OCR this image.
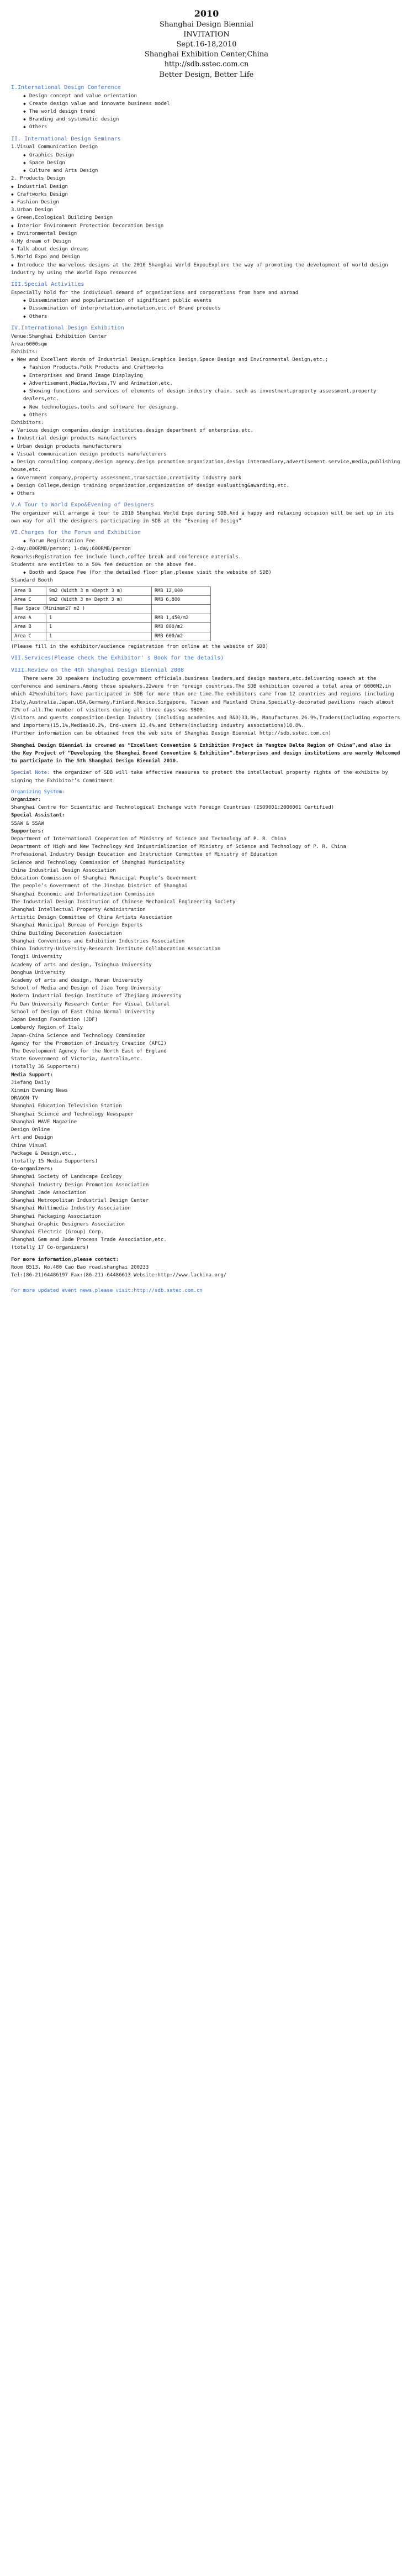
2010
Shanghai Design Biennial
INVITATION
Sept.16-18,2010
Shanghai Exhibition Center,China
http://sdb.sstec.com.cn
Better Design, Better Life
I.International Design Conference
◆ Design concept and value orientation
◆ Create design value and innovate business model
◆ The world design trend
◆ Branding and systematic design
◆ Others
II. International Design Seminars
1.Visual Communication Design
◆ Graphics Design
◆ Space Design
◆ Culture and Arts Design
2. Products Design
◆ Industrial Design
◆ Craftworks Design
◆ Fashion Design
3.Urban Design
◆ Green,Ecological Building Design
◆ Interior Environment Protection Decoration Design
◆ Environmental Design
4.My dream of Design
◆ Talk about design dreams
5.World Expo and Design
◆ Introduce the marvelous designs at the 2010 Shanghai World Expo;Explore the way of promoting the development of world design industry by using the World Expo resources
III.Special Activities
Especially hold for the individual demand of organizations and corporations from home and abroad
◆ Dissemination and popularization of significant public events
◆ Dissemination of interpretation,annotation,etc.of Brand products
◆ Others
IV.International Design Exhibition
Venue:Shanghai Exhibition Center
Area:6000sqm
Exhibits:
◆ New and Excellent Words of Industrial Design,Graphics Design,Space Design and Environmental Design,etc.;
◆ Fashion Products,Folk Products and Craftworks
◆ Enterprises and Brand Image Displaying
◆ Advertisement,Media,Movies,TV and Animation,etc.
◆ Showing functions and services of elements of design industry chain, such as investment,property assessment,property dealers,etc.
◆ New technologies,tools and software for designing.
◆ Others
Exhibitors:
◆ Various design companies,design institutes,design department of enterprise,etc.
◆ Industrial design products manufacturers
◆ Urban design products manufacturers
◆ Visual communication design products manufacturers
◆ Design consulting company,design agency,design promotion organization,design intermediary,advertisement service,media,publishing house,etc.
◆ Government company,property assessment,transaction,creativity industry park
◆ Design College,design training organization,organization of design evaluating&awarding,etc.
◆ Others
V.A Tour to World Expo&Evening of Designers
The organizer will arrange a tour to 2010 Shanghai World Expo during SDB.And a happy and relaxing occasion will be set up in its own way for all the designers participating in SDB at the “Evening of Design”
VI.Charges for the Forum and Exhibition
◆ Forum Registration Fee
2-day:800RMB/person; 1-day:600RMB/person
Remarks:Registration fee include lunch,coffee break and conference materials.
Students are entitles to a 50% fee deduction on the above fee.
◆ Booth and Space Fee (For the detailed floor plan,please visit the website of SDB)
Standard Booth
Area B	9m2 (Width 3 m ×Depth 3 m)	RMB 12,000
Area C	9m2 (Width 3 m× Depth 3 m)	RMB 6,800
Raw Space (Minimum27 m2 )		
Area A	1	RMB 1,450/m2
Area B	1	RMB 800/m2
Area C	1	RMB 600/m2
(Please fill in the exhibitor/audience registration from online at the website of SDB)
VII.Services(Please check the Exhibitor' s Book for the details)
VIII.Review on the 4th Shanghai Design Biennial 2008
There were 38 speakers including government officials,business leaders,and design masters,etc.delivering speech at the conference and seminars.Among those speakers,22were from foreign countries.The SDB exhibition covered a total area of 6000M2,in which 42%exhibitors have participated in SDB for more than one time.The exhibitors came from 12 countries and regions (including Italy,Australia,Japan,USA,Germany,Finland,Mexico,Singapore, Taiwan and Mainland China.Specially-decorated pavilions reach almost 72% of all.The number of visitors during all three days was 9800.
Visitors and guests composition:Design Industry (including academies and R&D)33.9%, Manufactures 26.9%,Traders(including exporters and importers)15.1%,Medias10.2%, End-users 13.4%,and Others(including industry associations)10.8%.
(Further information can be obtained from the web site of Shanghai Design Biennial http://sdb.sstec.com.cn)
Shanghai Design Biennial is crowned as “Excellent Convention & Exhibition Project in Yangtze Delta Region of China”,and also is the Key Project of “Developing the Shanghai Brand Convention & Exhibition”.Enterprises and design institutions are warmly Welcomed to participate in The 5th Shanghai Design Biennial 2010.
Special Note: the organizer of SDB will take effective measures to protect the intellectual property rights of the exhibits by signing the Exhibitor’s Commitment
Organizing System:
Organizer:
Shanghai Centre for Scientific and Technological Exchange with Foreign Countries (ISO9001:2000001 Certified)
Special Assistant:
SSAW & SSAW
Supporters:
Department of International Cooperation of Ministry of Science and Technology of P. R. China
Department of High and New Technology And Industrialization of Ministry of Science and Technology of P. R. China
Professional Industry Design Education and Instruction Committee of Ministry of Education
Science and Technology Commission of Shanghai Municipality
China Industrial Design Association
Education Commission of Shanghai Municipal People’s Government
The people’s Government of the Jinshan District of Shanghai
Shanghai Economic and Informatization Commission
The Industrial Design Institution of Chinese Mechanical Engineering Society
Shanghai Intellectual Property Administration
Artistic Design Committee of China Artists Association
Shanghai Municipal Bureau of Foreign Experts
China Building Decoration Association
Shanghai Conventions and Exhibition Industries Association
China Industry-University-Research Institute Collaboration Association
Tongji University
Academy of arts and design, Tsinghua University
Donghua University
Academy of arts and design, Hunan University
School of Media and Design of Jiao Tong University
Modern Industrial Design Institute of Zhejiang University
Fu Dan University Research Center For Visual Cultural
School of Design of East China Normal University
Japan Design Foundation (JDF)
Lombardy Region of Italy
Japan-China Science and Technology Commission
Agency for the Promotion of Industry Creation (APCI)
The Development Agency for the North East of England
State Government of Victoria, Australia,etc.
(totally 36 Supporters)
Media Support:
Jiefang Daily
Xinmin Evening News
DRAGON TV
Shanghai Education Television Station
Shanghai Science and Technology Newspaper
Shanghai WAVE Magazine
Design Online
Art and Design
China Visual
Package & Design,etc.,
(totally 15 Media Supporters)
Co-organizers:
Shanghai Society of Landscape Ecology
Shanghai Industry Design Promotion Association
Shanghai Jade Association
Shanghai Metropolitan Industrial Design Center
Shanghai Multimedia Industry Association
Shanghai Packaging Association
Shanghai Graphic Designers Association
Shanghai Electric (Group) Corp.
Shanghai Gem and Jade Process Trade Association,etc.
(totally 17 Co-organizers)
For more information,please contact:
Room B513, No.480 Cao Bao road,shanghai 200233
Tel:(86-21)64486197 Fax:(86-21)-64486613 Website:http://www.lackina.org/
For more updated event news,please visit:http://sdb.sstec.com.cn
